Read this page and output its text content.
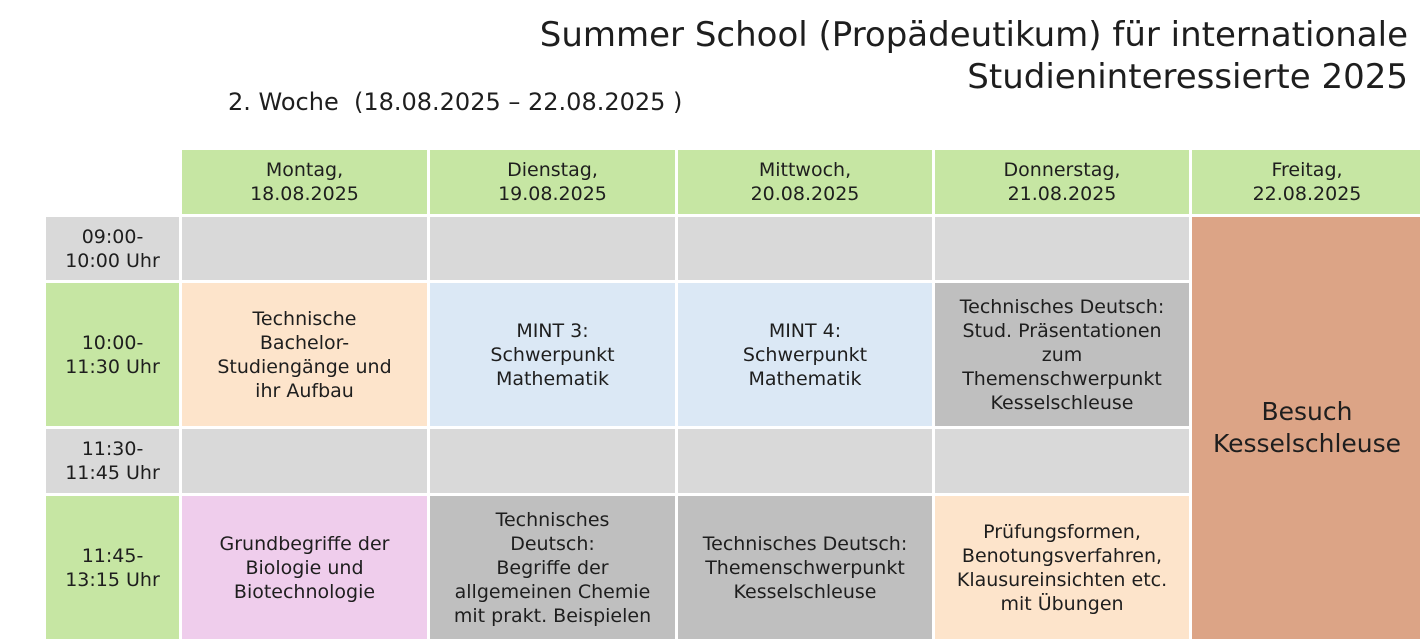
Summer School (Propädeutikum) für internationale
Studieninteressierte 2025
2. Woche  (18.08.2025 – 22.08.2025 )
Montag,
18.08.2025
Dienstag,
19.08.2025
Mittwoch,
20.08.2025
Donnerstag,
21.08.2025
Freitag,
22.08.2025
09:00-
10:00 Uhr
10:00-
11:30 Uhr
11:30-
11:45 Uhr
11:45-
13:15 Uhr
Technische
Bachelor-
Studiengänge und
ihr Aufbau
MINT 3:
Schwerpunkt
Mathematik
MINT 4:
Schwerpunkt
Mathematik
Technisches Deutsch:
Stud. Präsentationen
zum
Themenschwerpunkt
Kesselschleuse
Grundbegriffe der
Biologie und
Biotechnologie
Technisches
Deutsch:
Begriffe der
allgemeinen Chemie
mit prakt. Beispielen
Technisches Deutsch:
Themenschwerpunkt
Kesselschleuse
Prüfungsformen,
Benotungsverfahren,
Klausureinsichten etc.
mit Übungen
Besuch
Kesselschleuse
